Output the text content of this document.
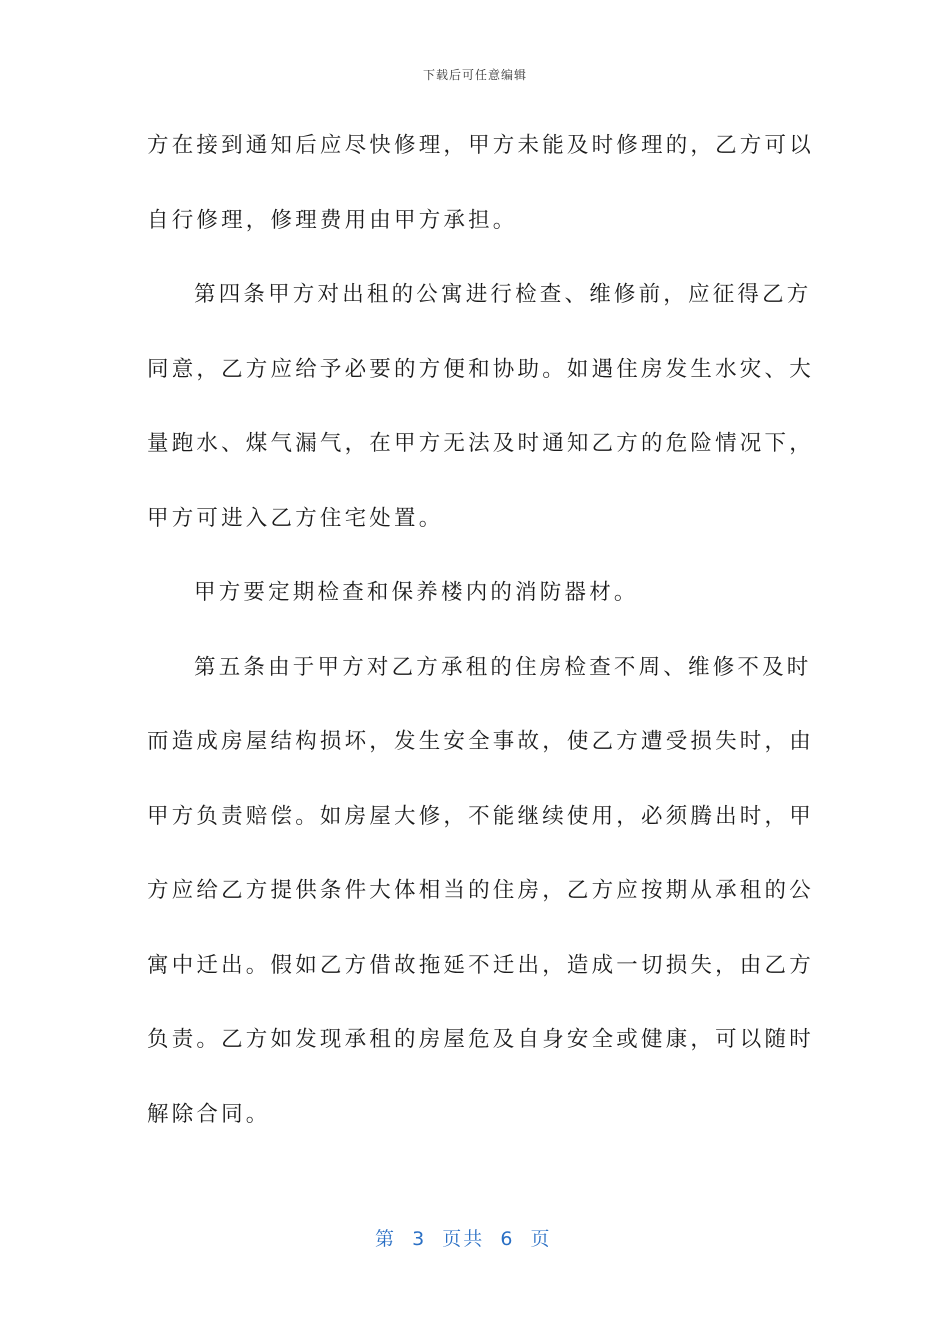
下载后可任意编辑
方在接到通知后应尽快修理，甲方未能及时修理的，乙方可以
自行修理，修理费用由甲方承担。
第四条甲方对出租的公寓进行检查、维修前，应征得乙方
同意，乙方应给予必要的方便和协助。如遇住房发生水灾、大
量跑水、煤气漏气，在甲方无法及时通知乙方的危险情况下，
甲方可进入乙方住宅处置。
甲方要定期检查和保养楼内的消防器材。
第五条由于甲方对乙方承租的住房检查不周、维修不及时
而造成房屋结构损坏，发生安全事故，使乙方遭受损失时，由
甲方负责赔偿。如房屋大修，不能继续使用，必须腾出时，甲
方应给乙方提供条件大体相当的住房，乙方应按期从承租的公
寓中迁出。假如乙方借故拖延不迁出，造成一切损失，由乙方
负责。乙方如发现承租的房屋危及自身安全或健康，可以随时
解除合同。
第  3  页共  6  页
